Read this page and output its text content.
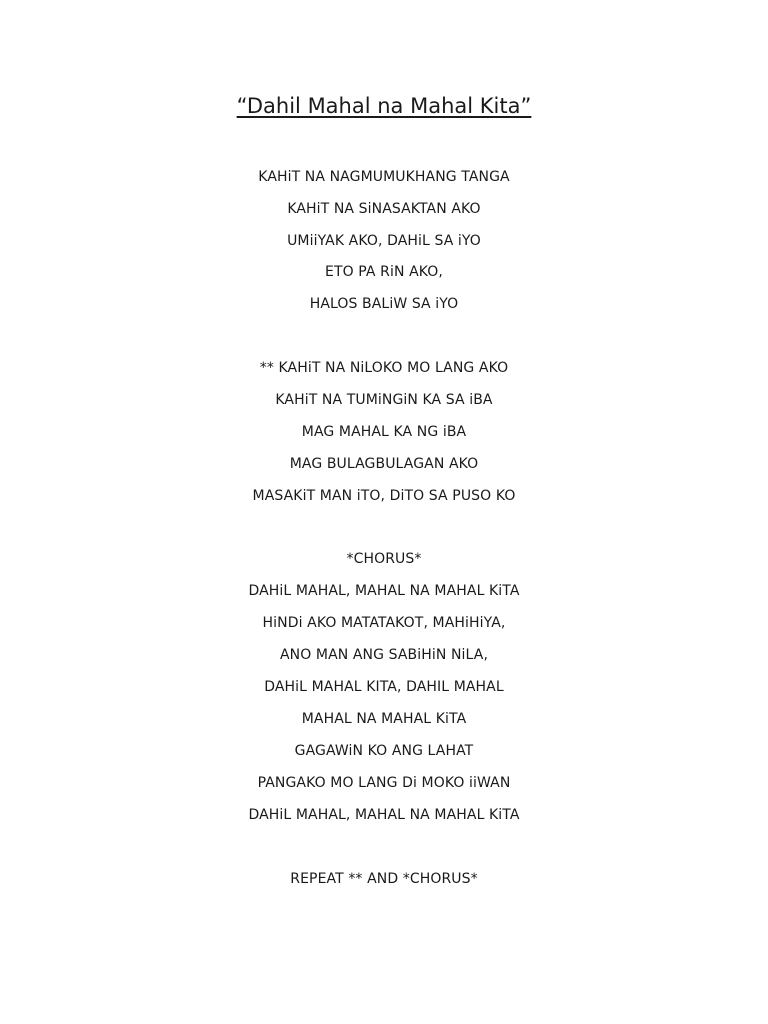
“Dahil Mahal na Mahal Kita”

KAHiT NA NAGMUMUKHANG TANGA

KAHiT NA SiNASAKTAN AKO

UMiiYAK AKO, DAHiL SA iYO

ETO PA RiN AKO,

HALOS BALiW SA iYO

** KAHiT NA NiLOKO MO LANG AKO

KAHiT NA TUMiNGiN KA SA iBA

MAG MAHAL KA NG iBA

MAG BULAGBULAGAN AKO

MASAKiT MAN iTO, DiTO SA PUSO KO

*CHORUS*

DAHiL MAHAL, MAHAL NA MAHAL KiTA

HiNDi AKO MATATAKOT, MAHiHiYA,

ANO MAN ANG SABiHiN NiLA,

DAHiL MAHAL KITA, DAHIL MAHAL

MAHAL NA MAHAL KiTA

GAGAWiN KO ANG LAHAT

PANGAKO MO LANG Di MOKO iiWAN

DAHiL MAHAL, MAHAL NA MAHAL KiTA

REPEAT ** AND *CHORUS*
